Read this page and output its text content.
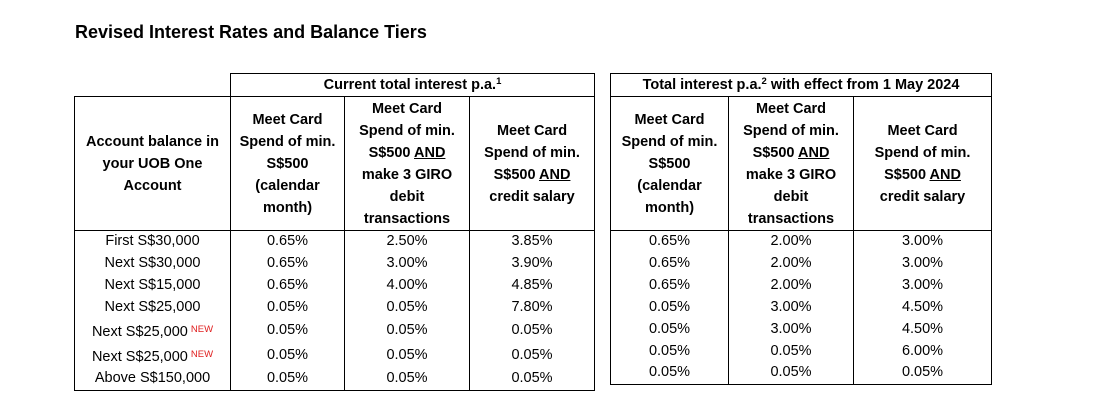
Revised Interest Rates and Balance Tiers
	Current total interest p.a.$^1$
Account balance in your UOB One Account	Meet Card Spend of min. S$500 (calendar month)	Meet Card Spend of min. S$500 AND make 3 GIRO debit transactions	Meet Card Spend of min. S$500 AND credit salary
First S$30,000	0.65%	2.50%	3.85%
Next S$30,000	0.65%	3.00%	3.90%
Next S$15,000	0.65%	4.00%	4.85%
Next S$25,000	0.05%	0.05%	7.80%
Next S$25,000 $^{NEW}$	0.05%	0.05%	0.05%
Next S$25,000 $^{NEW}$	0.05%	0.05%	0.05%
Above S$150,000	0.05%	0.05%	0.05%
Total interest p.a.$^2$ with effect from 1 May 2024		
Meet Card Spend of min. S$500 (calendar month)	Meet Card Spend of min. S$500 AND make 3 GIRO debit transactions	Meet Card Spend of min. S$500 AND credit salary
0.65%	2.00%	3.00%
0.65%	2.00%	3.00%
0.65%	2.00%	3.00%
0.05%	3.00%	4.50%
0.05%	3.00%	4.50%
0.05%	0.05%	6.00%
0.05%	0.05%	0.05%
